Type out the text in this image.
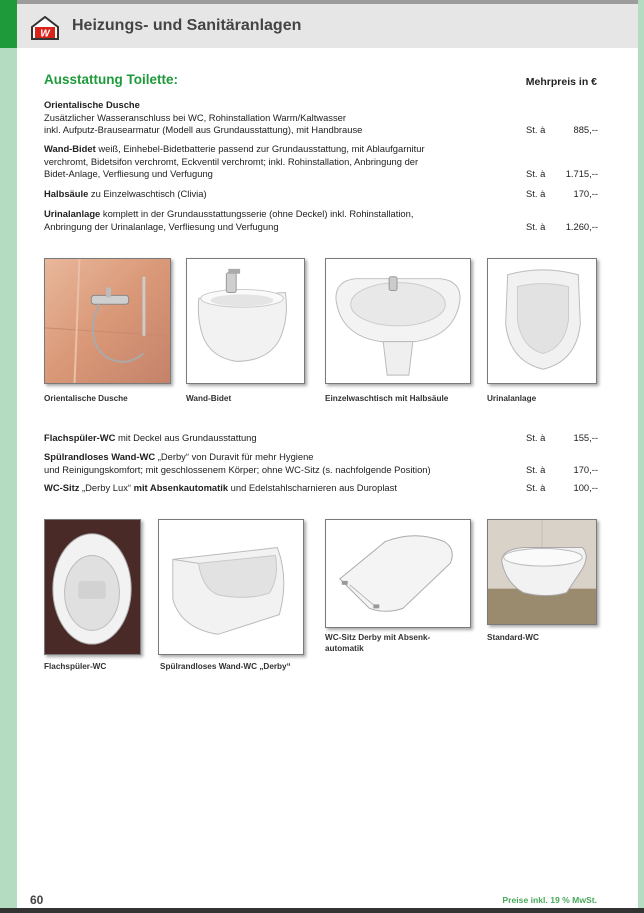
W Heizungs- und Sanitäranlagen
Ausstattung Toilette:	Mehrpreis in €
Orientalische Dusche
Zusätzlicher Wasseranschluss bei WC, Rohinstallation Warm/Kaltwasser
inkl. Aufputz-Brausearmatur (Modell aus Grundausstattung), mit Handbrause	St. à	885,--
Wand-Bidet weiß, Einhebel-Bidetbatterie passend zur Grundausstattung, mit Ablaufgarnitur
verchromt, Bidetsifon verchromt, Eckventil verchromt; inkl. Rohinstallation, Anbringung der
Bidet-Anlage, Verfliesung und Verfugung	St. à	1.715,--
Halbsäule zu Einzelwaschtisch (Clivia)	St. à	170,--
Urinalanlage komplett in der Grundausstattungsserie (ohne Deckel) inkl. Rohinstallation,
Anbringung der Urinalanlage, Verfliesung und Verfugung	St. à	1.260,--
Orientalische Dusche	Wand-Bidet	Einzelwaschtisch mit Halbsäule	Urinalanlage
Flachspüler-WC mit Deckel aus Grundausstattung	St. à	155,--
Spülrandloses Wand-WC „Derby“ von Duravit für mehr Hygiene
und Reinigungskomfort; mit geschlossenem Körper; ohne WC-Sitz (s. nachfolgende Position)	St. à	170,--
WC-Sitz „Derby Lux“ mit Absenkautomatik und Edelstahlscharnieren aus Duroplast	St. à	100,--
Flachspüler-WC	Spülrandloses Wand-WC „Derby“
WC-Sitz Derby mit Absenk-
automatik
Standard-WC
60	Preise inkl. 19 % MwSt.
